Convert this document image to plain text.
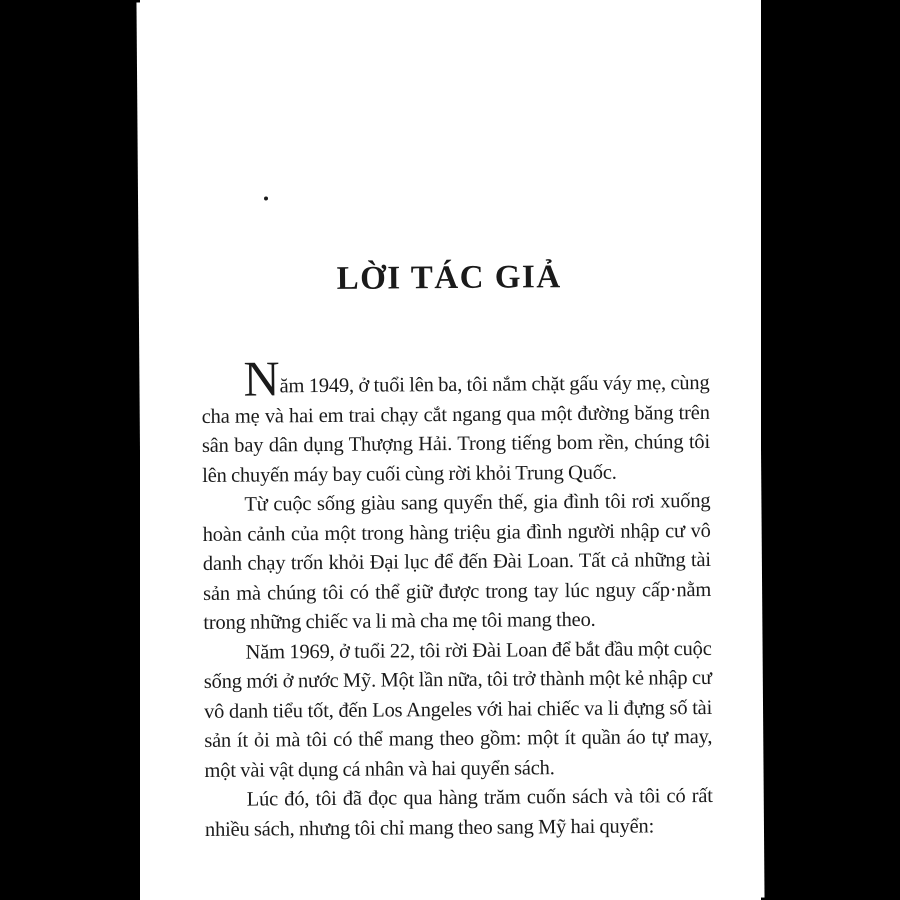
LỜI TÁC GIẢ

Năm 1949, ở tuổi lên ba, tôi nắm chặt gấu váy mẹ, cùng cha mẹ và hai em trai chạy cắt ngang qua một đường băng trên sân bay dân dụng Thượng Hải. Trong tiếng bom rền, chúng tôi lên chuyến máy bay cuối cùng rời khỏi Trung Quốc.

Từ cuộc sống giàu sang quyển thế, gia đình tôi rơi xuống hoàn cảnh của một trong hàng triệu gia đình người nhập cư vô danh chạy trốn khỏi Đại lục để đến Đài Loan. Tất cả những tài sản mà chúng tôi có thể giữ được trong tay lúc nguy cấp·nằm trong những chiếc va li mà cha mẹ tôi mang theo.

Năm 1969, ở tuổi 22, tôi rời Đài Loan để bắt đầu một cuộc sống mới ở nước Mỹ. Một lần nữa, tôi trở thành một kẻ nhập cư vô danh tiểu tốt, đến Los Angeles với hai chiếc va li đựng số tài sản ít ỏi mà tôi có thể mang theo gồm: một ít quần áo tự may, một vài vật dụng cá nhân và hai quyển sách.

Lúc đó, tôi đã đọc qua hàng trăm cuốn sách và tôi có rất nhiều sách, nhưng tôi chỉ mang theo sang Mỹ hai quyển:
